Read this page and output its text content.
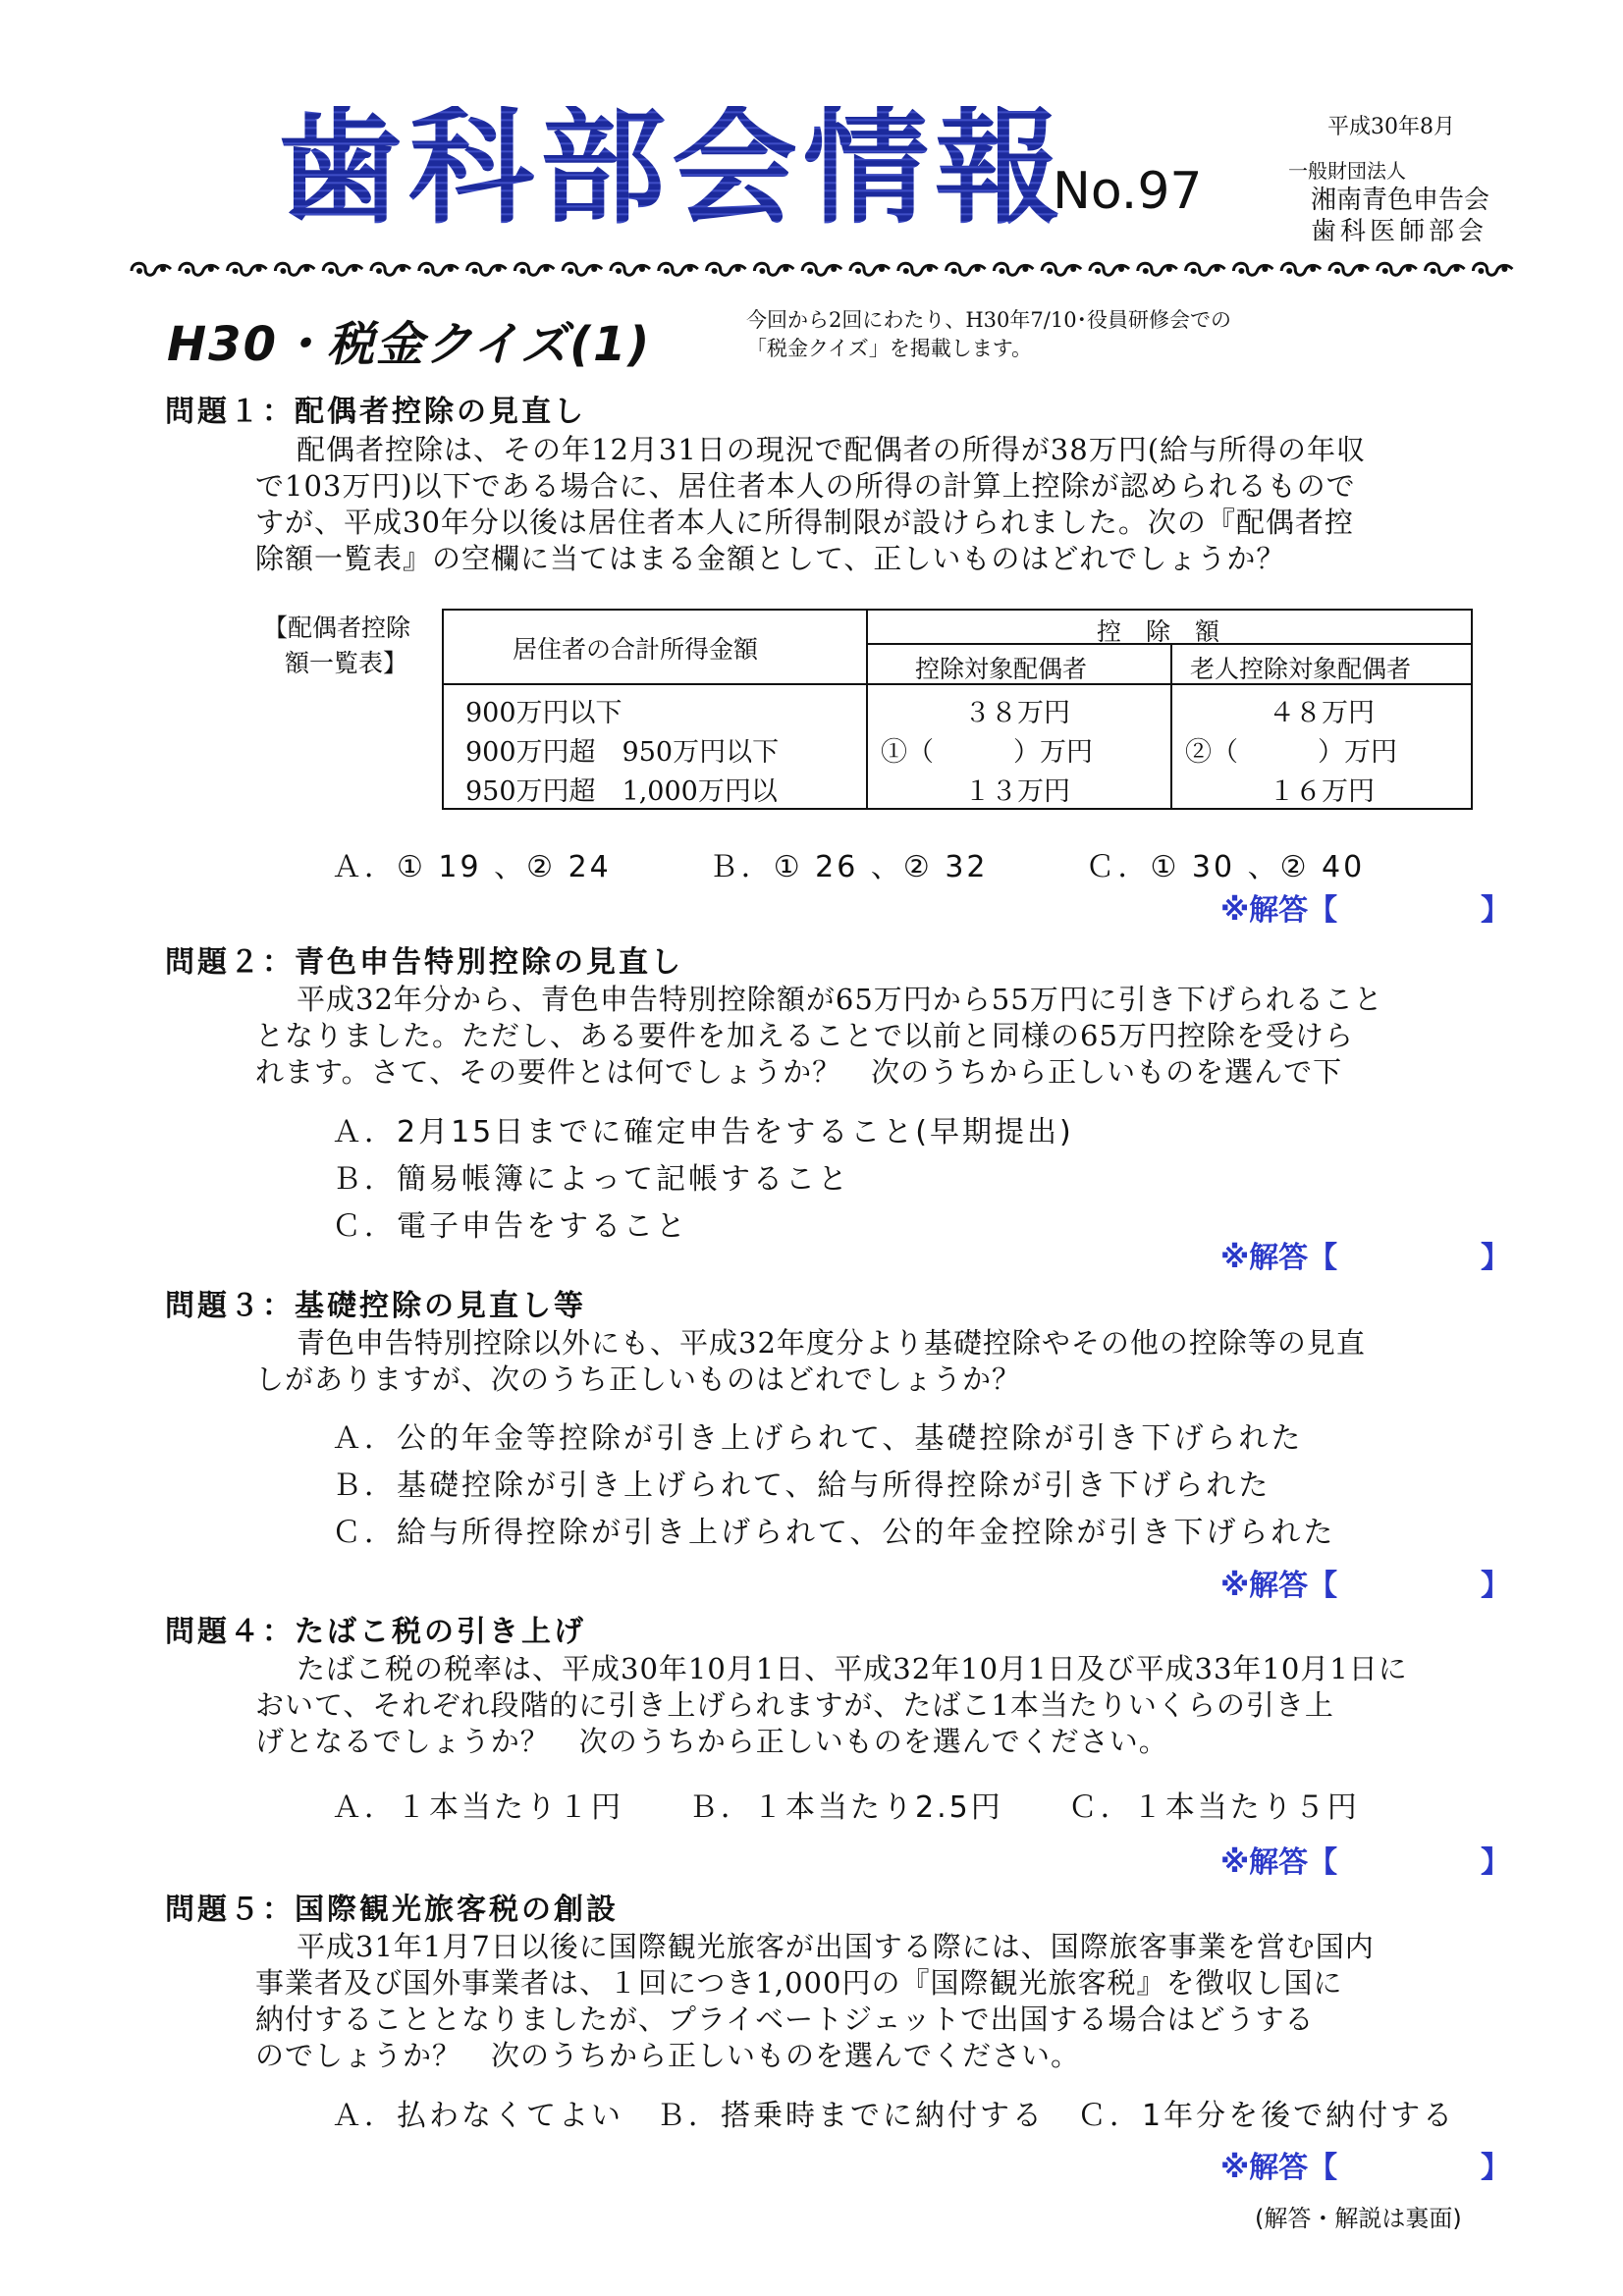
歯科部会情報
No.97
平成30年8月
一般財団法人
湘南青色申告会
歯科医師部会
H30・税金クイズ(1)	今回から2回にわたり、H30年7/10･役員研修会での
「税金クイズ」を掲載します。
問題１：配偶者控除の見直し
配偶者控除は、その年12月31日の現況で配偶者の所得が38万円(給与所得の年収
で103万円)以下である場合に、居住者本人の所得の計算上控除が認められるもので
すが、平成30年分以後は居住者本人に所得制限が設けられました。次の『配偶者控
除額一覧表』の空欄に当てはまる金額として、正しいものはどれでしょうか？
【配偶者控除
額一覧表】	居住者の合計所得金額
控　除　額
控除対象配偶者	老人控除対象配偶者
900万円以下	３８万円	４８万円
900万円超　950万円以下	①（　　　）万円	②（　　　）万円
950万円超　1,000万円以	１３万円	１６万円
Ａ．① 19 、② 24　　　Ｂ．① 26 、② 32　　　Ｃ．① 30 、② 40
※解答【	】
問題２：青色申告特別控除の見直し
平成32年分から、青色申告特別控除額が65万円から55万円に引き下げられること
となりました。ただし、ある要件を加えることで以前と同様の65万円控除を受けら
れます。さて、その要件とは何でしょうか？　次のうちから正しいものを選んで下
Ａ．2月15日までに確定申告をすること(早期提出)
Ｂ．簡易帳簿によって記帳すること
Ｃ．電子申告をすること
※解答【	】
問題３：基礎控除の見直し等
青色申告特別控除以外にも、平成32年度分より基礎控除やその他の控除等の見直
しがありますが、次のうち正しいものはどれでしょうか？
Ａ．公的年金等控除が引き上げられて、基礎控除が引き下げられた
Ｂ．基礎控除が引き上げられて、給与所得控除が引き下げられた
Ｃ．給与所得控除が引き上げられて、公的年金控除が引き下げられた
※解答【	】
問題４：たばこ税の引き上げ
たばこ税の税率は、平成30年10月1日、平成32年10月1日及び平成33年10月1日に
おいて、それぞれ段階的に引き上げられますが、たばこ1本当たりいくらの引き上
げとなるでしょうか？　次のうちから正しいものを選んでください。
Ａ．１本当たり１円　　Ｂ．１本当たり2.5円　　Ｃ．１本当たり５円
※解答【	】
問題５：国際観光旅客税の創設
平成31年1月7日以後に国際観光旅客が出国する際には、国際旅客事業を営む国内
事業者及び国外事業者は、１回につき1,000円の『国際観光旅客税』を徴収し国に
納付することとなりましたが、プライベートジェットで出国する場合はどうする
のでしょうか？　次のうちから正しいものを選んでください。
Ａ．払わなくてよい　Ｂ．搭乗時までに納付する　Ｃ．1年分を後で納付する
※解答【	】
(解答・解説は裏面)
